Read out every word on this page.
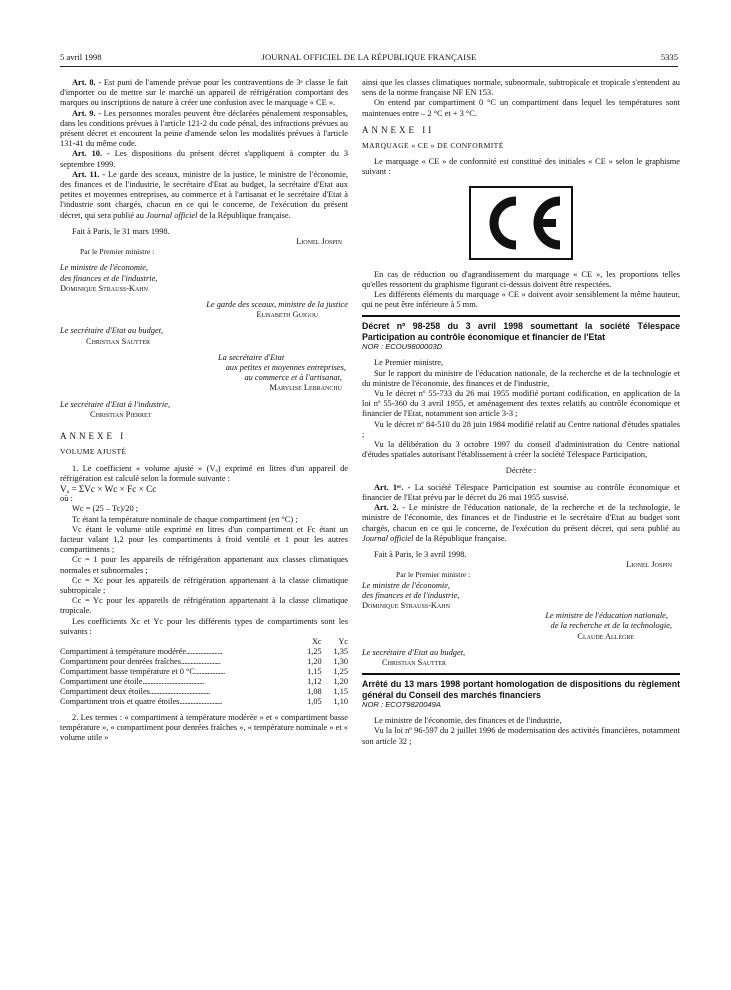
5 avril 1998	JOURNAL OFFICIEL DE LA RÉPUBLIQUE FRANÇAISE	5335

Art. 8. - Est puni de l'amende prévue pour les contraventions de 3ᵉ classe le fait d'importer ou de mettre sur le marché un appareil de réfrigération comportant des marques ou inscriptions de nature à créer une confusion avec le marquage « CE ».

Art. 9. - Les personnes morales peuvent être déclarées pénalement responsables, dans les conditions prévues à l'article 121-2 du code pénal, des infractions prévues au présent décret et encourent la peine d'amende selon les modalités prévues à l'article 131-41 du même code.

Art. 10. - Les dispositions du présent décret s'appliquent à compter du 3 septembre 1999.

Art. 11. - Le garde des sceaux, ministre de la justice, le ministre de l'économie, des finances et de l'industrie, le secrétaire d'Etat au budget, la secrétaire d'Etat aux petites et moyennes entreprises, au commerce et à l'artisanat et le secrétaire d'Etat à l'industrie sont chargés, chacun en ce qui le concerne, de l'exécution du présent décret, qui sera publié au Journal officiel de la République française.

Fait à Paris, le 31 mars 1998.

Lionel Jospin

Par le Premier ministre :

Le ministre de l'économie,

des finances et de l'industrie,

Dominique Strauss-Kahn

Le garde des sceaux, ministre de la justice

Elisabeth Guigou

Le secrétaire d'Etat au budget,

Christian Sautter

La secrétaire d'Etat

aux petites et moyennes entreprises,

au commerce et à l'artisanat,

Marylise Lebranchu

Le secrétaire d'Etat à l'industrie,

Christian Pierret

ANNEXE I

VOLUME AJUSTÉ

1. Le coefficient « volume ajusté » (Vₐ) exprimé en litres d'un appareil de réfrigération est calculé selon la formule suivante :

Vₐ = ΣVc × Wc × Fc × Cc

où :

Wc = (25 – Tc)/20 ;

Tc étant la température nominale de chaque compartiment (en °C) ;

Vc étant le volume utile exprimé en litres d'un compartiment et Fc étant un facteur valant 1,2 pour les compartiments à froid ventilé et 1 pour les autres compartiments ;

Cc = 1 pour les appareils de réfrigération appartenant aux classes climatiques normales et subnormales ;

Cc = Xc pour les appareils de réfrigération appartenant à la classe climatique subtropicale ;

Cc = Yc pour les appareils de réfrigération appartenant à la classe climatique tropicale.

Les coefficients Xc et Yc pour les différents types de compartiments sont les suivants :

	Xc	Yc
Compartiment à température modérée.......................	1,25	1,35
Compartiment pour denrées fraîches.........................	1,20	1,30
Compartiment basse température et 0 °C...................	1,15	1,25
Compartiment une étoile.......................................	1,12	1,20
Compartiment deux étoiles......................................	1,08	1,15
Compartiment trois et quatre étoiles...........................	1,05	1,10

2. Les termes : « compartiment à température modérée » et « compartiment basse température », « compartiment pour denrées fraîches », « température nominale » et « volume utile »

ainsi que les classes climatiques normale, subnormale, subtropicale et tropicale s'entendent au sens de la norme française NF EN 153.

On entend par compartiment 0 °C un compartiment dans lequel les températures sont maintenues entre – 2 °C et + 3 °C.

ANNEXE II

MARQUAGE « CE » DE CONFORMITÉ

Le marquage « CE » de conformité est constitué des initiales « CE » selon le graphisme suivant :

En cas de réduction ou d'agrandissement du marquage « CE », les proportions telles qu'elles ressortent du graphisme figurant ci-dessus doivent être respectées.

Les différents éléments du marquage « CE » doivent avoir sensiblement la même hauteur, qui ne peut être inférieure à 5 mm.

Décret nº 98-258 du 3 avril 1998 soumettant la société Télespace Participation au contrôle économique et financier de l'Etat

NOR : ECOU9800003D

Le Premier ministre,

Sur le rapport du ministre de l'éducation nationale, de la recherche et de la technologie et du ministre de l'économie, des finances et de l'industrie,

Vu le décret nº 55-733 du 26 mai 1955 modifié portant codification, en application de la loi nº 55-360 du 3 avril 1955, et aménagement des textes relatifs au contrôle économique et financier de l'Etat, notamment son article 3-3 ;

Vu le décret nº 84-510 du 28 juin 1984 modifié relatif au Centre national d'études spatiales ;

Vu la délibération du 3 octobre 1997 du conseil d'administration du Centre national d'études spatiales autorisant l'établissement à créer la société Télespace Participation,

Décrète :

Art. 1ᵉʳ. - La société Télespace Participation est soumise au contrôle économique et financier de l'Etat prévu par le décret du 26 mai 1955 susvisé.

Art. 2. - Le ministre de l'éducation nationale, de la recherche et de la technologie, le ministre de l'économie, des finances et de l'industrie et le secrétaire d'Etat au budget sont chargés, chacun en ce qui le concerne, de l'exécution du présent décret, qui sera publié au Journal officiel de la République française.

Fait à Paris, le 3 avril 1998.

Lionel Jospin

Par le Premier ministre :

Le ministre de l'économie,

des finances et de l'industrie,

Dominique Strauss-Kahn

Le ministre de l'éducation nationale,

de la recherche et de la technologie,

Claude Allègre

Le secrétaire d'Etat au budget,

Christian Sautter

Arrêté du 13 mars 1998 portant homologation de dispositions du règlement général du Conseil des marchés financiers

NOR : ECOT9820049A

Le ministre de l'économie, des finances et de l'industrie,

Vu la loi nº 96-597 du 2 juillet 1996 de modernisation des activités financières, notamment son article 32 ;
